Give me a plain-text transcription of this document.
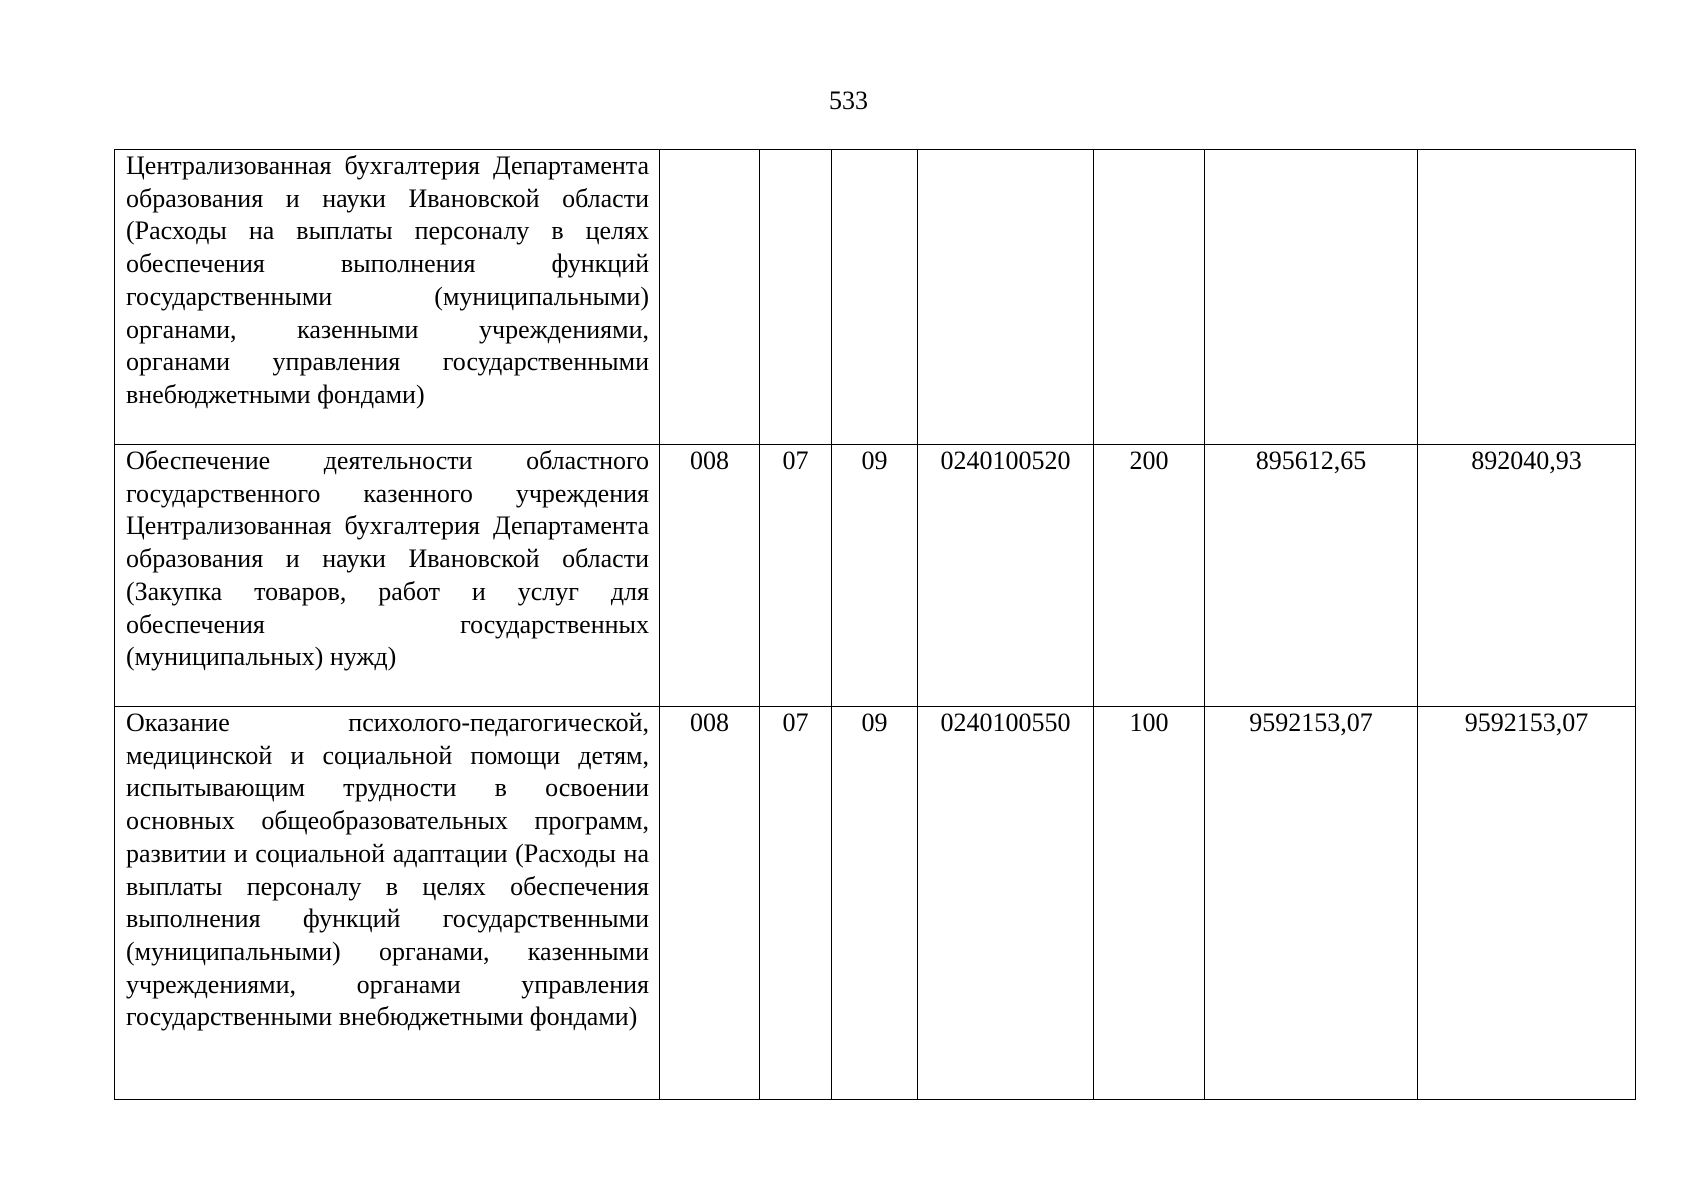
533
Централизованная бухгалтерия Департамента образования и науки Ивановской области (Расходы на выплаты персоналу в целях обеспечения выполнения функций государственными (муниципальными) органами, казенными учреждениями, органами управления государственными внебюджетными фондами)							
Обеспечение деятельности областного государственного казенного учреждения Централизованная бухгалтерия Департамента образования и науки Ивановской области (Закупка товаров, работ и услуг для обеспечения государственных (муниципальных) нужд)	008	07	09	0240100520	200	895612,65	892040,93
Оказание психолого-педагогической, медицинской и социальной помощи детям, испытывающим трудности в освоении основных общеобразовательных программ, развитии и социальной адаптации (Расходы на выплаты персоналу в целях обеспечения выполнения функций государственными (муниципальными) органами, казенными учреждениями, органами управления государственными внебюджетными фондами)	008	07	09	0240100550	100	9592153,07	9592153,07
